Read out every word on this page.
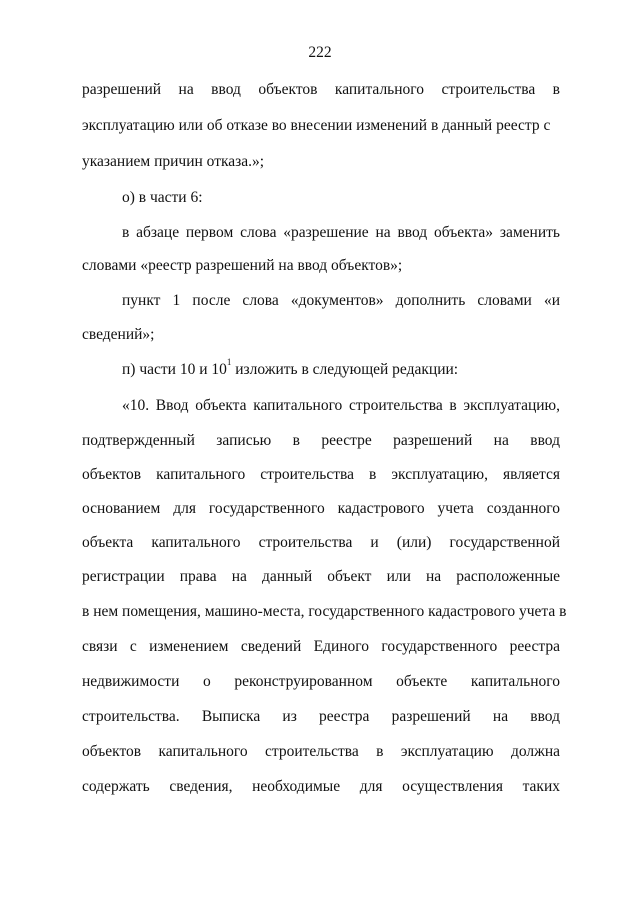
222
разрешений на ввод объектов капитального строительства в
эксплуатацию или об отказе во внесении изменений в данный реестр с
указанием причин отказа.»;
о) в части 6:
в абзаце первом слова «разрешение на ввод объекта» заменить
словами «реестр разрешений на ввод объектов»;
пункт 1 после слова «документов» дополнить словами «и
сведений»;
п) части 10 и $10^1$ изложить в следующей редакции:
«10. Ввод объекта капитального строительства в эксплуатацию,
подтвержденный записью в реестре разрешений на ввод
объектов капитального строительства в эксплуатацию, является
основанием для государственного кадастрового учета созданного
объекта капитального строительства и (или) государственной
регистрации права на данный объект или на расположенные
в нем помещения, машино-места, государственного кадастрового учета в
связи с изменением сведений Единого государственного реестра
недвижимости о реконструированном объекте капитального
строительства. Выписка из реестра разрешений на ввод
объектов капитального строительства в эксплуатацию должна
содержать сведения, необходимые для осуществления таких
